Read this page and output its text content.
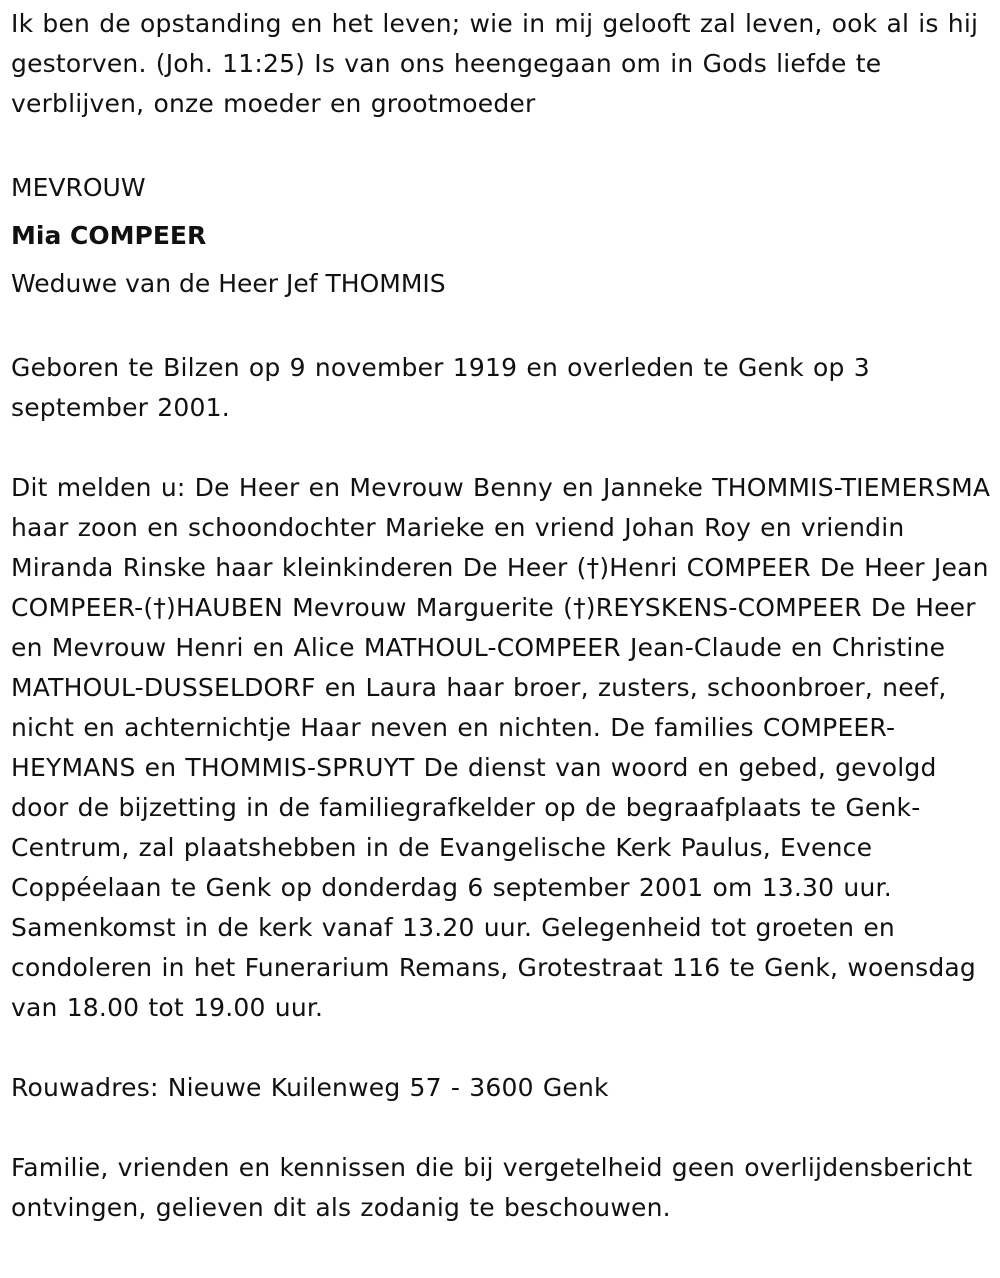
Ik ben de opstanding en het leven; wie in mij gelooft zal leven, ook al is hij gestorven. (Joh. 11:25) Is van ons heengegaan om in Gods liefde te verblijven, onze moeder en grootmoeder

MEVROUW

Mia COMPEER

Weduwe van de Heer Jef THOMMIS

Geboren te Bilzen op 9 november 1919 en overleden te Genk op 3 september 2001.

Dit melden u: De Heer en Mevrouw Benny en Janneke THOMMIS-TIEMERSMA haar zoon en schoondochter Marieke en vriend Johan Roy en vriendin Miranda Rinske haar kleinkinderen De Heer (†)Henri COMPEER De Heer Jean COMPEER-(†)HAUBEN Mevrouw Marguerite (†)REYSKENS-COMPEER De Heer en Mevrouw Henri en Alice MATHOUL-COMPEER Jean-Claude en Christine MATHOUL-DUSSELDORF en Laura haar broer, zusters, schoonbroer, neef, nicht en achternichtje Haar neven en nichten. De families COMPEER-HEYMANS en THOMMIS-SPRUYT De dienst van woord en gebed, gevolgd door de bijzetting in de familiegrafkelder op de begraafplaats te Genk-Centrum, zal plaatshebben in de Evangelische Kerk Paulus, Evence Coppéelaan te Genk op donderdag 6 september 2001 om 13.30 uur. Samenkomst in de kerk vanaf 13.20 uur. Gelegenheid tot groeten en condoleren in het Funerarium Remans, Grotestraat 116 te Genk, woensdag van 18.00 tot 19.00 uur.

Rouwadres: Nieuwe Kuilenweg 57 - 3600 Genk

Familie, vrienden en kennissen die bij vergetelheid geen overlijdensbericht ontvingen, gelieven dit als zodanig te beschouwen.
